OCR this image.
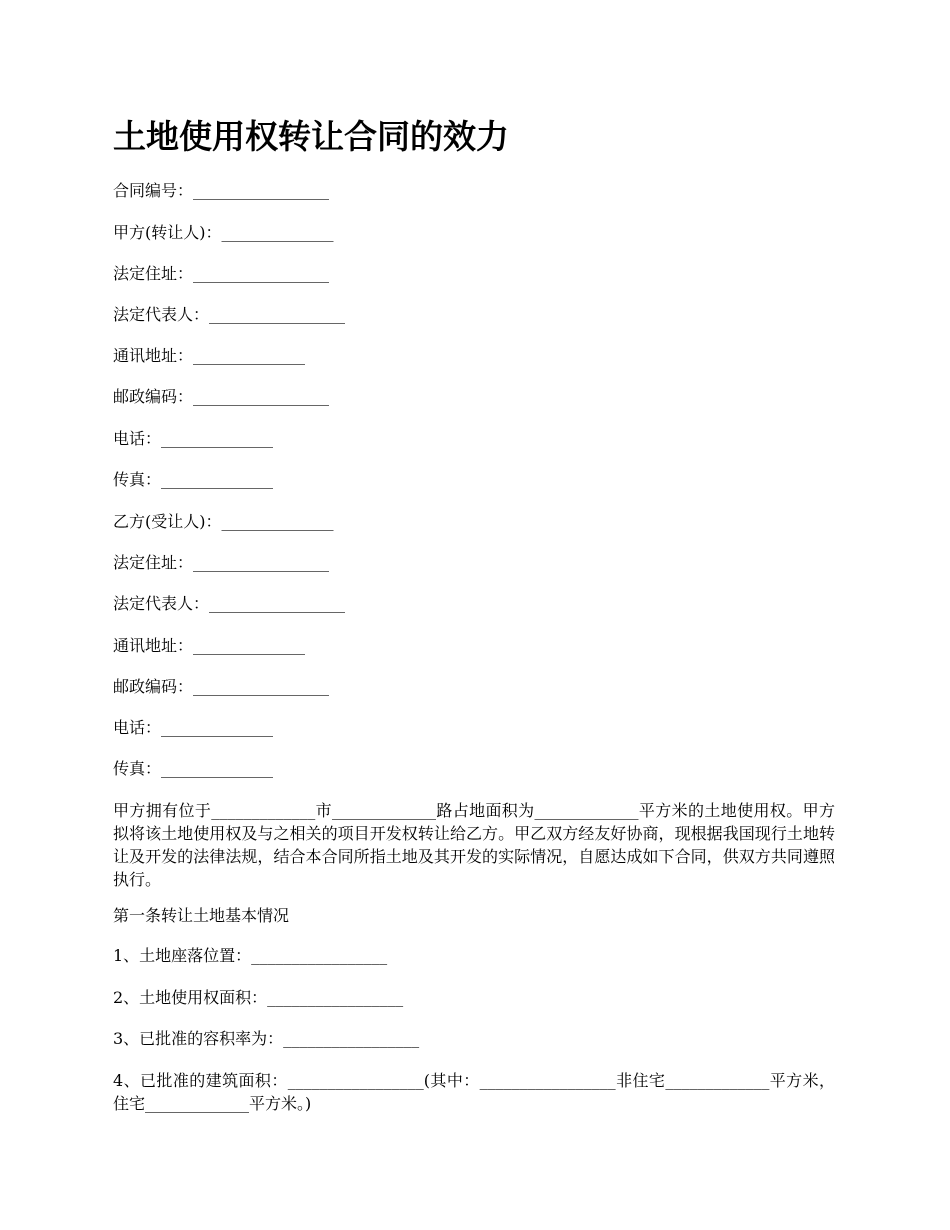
土地使用权转让合同的效力

合同编号：_________________

甲方(转让人)：______________

法定住址：_________________

法定代表人：_________________

通讯地址：______________

邮政编码：_________________

电话：______________

传真：______________

乙方(受让人)：______________

法定住址：_________________

法定代表人：_________________

通讯地址：______________

邮政编码：_________________

电话：______________

传真：______________

甲方拥有位于_____________市_____________路占地面积为_____________平方米的土地使用权。甲方拟将该土地使用权及与之相关的项目开发权转让给乙方。甲乙双方经友好协商，现根据我国现行土地转让及开发的法律法规，结合本合同所指土地及其开发的实际情况，自愿达成如下合同，供双方共同遵照执行。

第一条转让土地基本情况

1、土地座落位置：_________________

2、土地使用权面积：_________________

3、已批准的容积率为：_________________

4、已批准的建筑面积：_________________(其中：_________________非住宅_____________平方米，住宅_____________平方米。)
